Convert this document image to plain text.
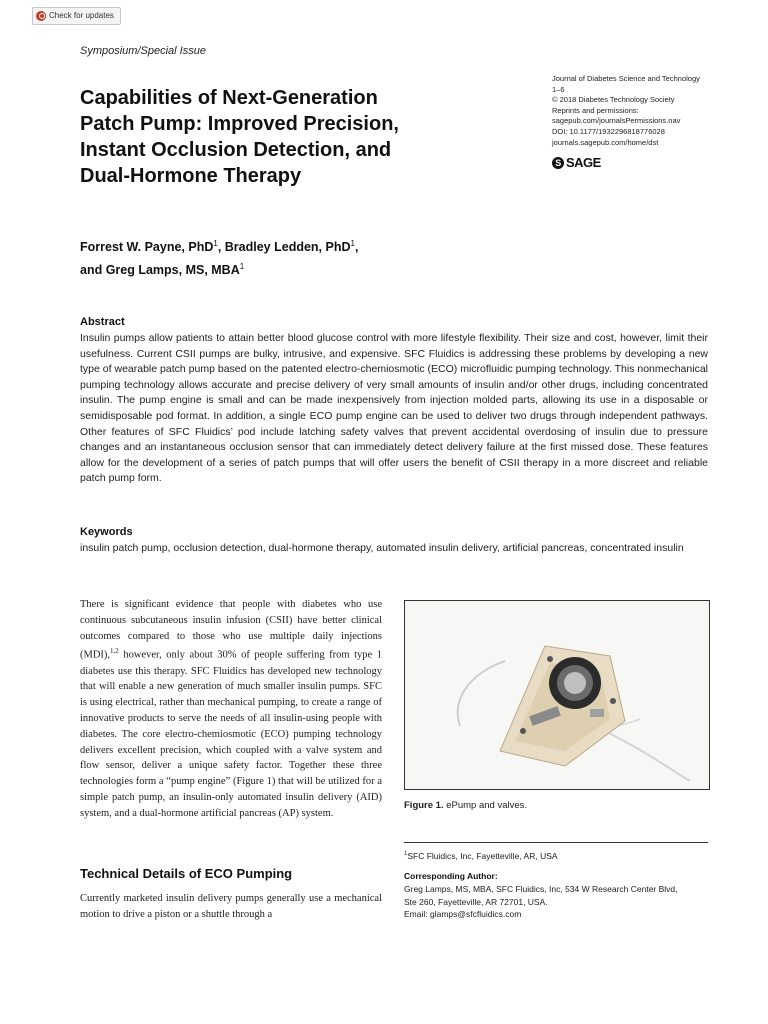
Check for updates
Symposium/Special Issue
Capabilities of Next-Generation
Patch Pump: Improved Precision,
Instant Occlusion Detection, and
Dual-Hormone Therapy
Journal of Diabetes Science and Technology
1–6
© 2018 Diabetes Technology Society
Reprints and permissions:
sagepub.com/journalsPermissions.nav
DOI: 10.1177/1932296818776028
journals.sagepub.com/home/dst
S SAGE
Forrest W. Payne, PhD$^1$, Bradley Ledden, PhD$^1$,
and Greg Lamps, MS, MBA$^1$
Abstract
Insulin pumps allow patients to attain better blood glucose control with more lifestyle flexibility. Their size and cost, however, limit their usefulness. Current CSII pumps are bulky, intrusive, and expensive. SFC Fluidics is addressing these problems by developing a new type of wearable patch pump based on the patented electro-chemiosmotic (ECO) microfluidic pumping technology. This nonmechanical pumping technology allows accurate and precise delivery of very small amounts of insulin and/or other drugs, including concentrated insulin. The pump engine is small and can be made inexpensively from injection molded parts, allowing its use in a disposable or semidisposable pod format. In addition, a single ECO pump engine can be used to deliver two drugs through independent pathways. Other features of SFC Fluidics’ pod include latching safety valves that prevent accidental overdosing of insulin due to pressure changes and an instantaneous occlusion sensor that can immediately detect delivery failure at the first missed dose. These features allow for the development of a series of patch pumps that will offer users the benefit of CSII therapy in a more discreet and reliable patch pump form.
Keywords
insulin patch pump, occlusion detection, dual-hormone therapy, automated insulin delivery, artificial pancreas, concentrated insulin
There is significant evidence that people with diabetes who use continuous subcutaneous insulin infusion (CSII) have better clinical outcomes compared to those who use multiple daily injections (MDI),$^{1,2}$ however, only about 30% of people suffering from type 1 diabetes use this therapy. SFC Fluidics has developed new technology that will enable a new generation of much smaller insulin pumps. SFC is using electrical, rather than mechanical pumping, to create a range of innovative products to serve the needs of all insulin-using people with diabetes. The core electro-chemiosmotic (ECO) pumping technology delivers excellent precision, which coupled with a valve system and flow sensor, deliver a unique safety factor. Together these three technologies form a “pump engine” (Figure 1) that will be utilized for a simple patch pump, an insulin-only automated insulin delivery (AID) system, and a dual-hormone artificial pancreas (AP) system.
Technical Details of ECO Pumping
Currently marketed insulin delivery pumps generally use a mechanical motion to drive a piston or a shuttle through a
Figure 1. ePump and valves.
$^1$SFC Fluidics, Inc, Fayetteville, AR, USA
Corresponding Author:
Greg Lamps, MS, MBA, SFC Fluidics, Inc, 534 W Research Center Blvd,
Ste 260, Fayetteville, AR 72701, USA.
Email: glamps@sfcfluidics.com
